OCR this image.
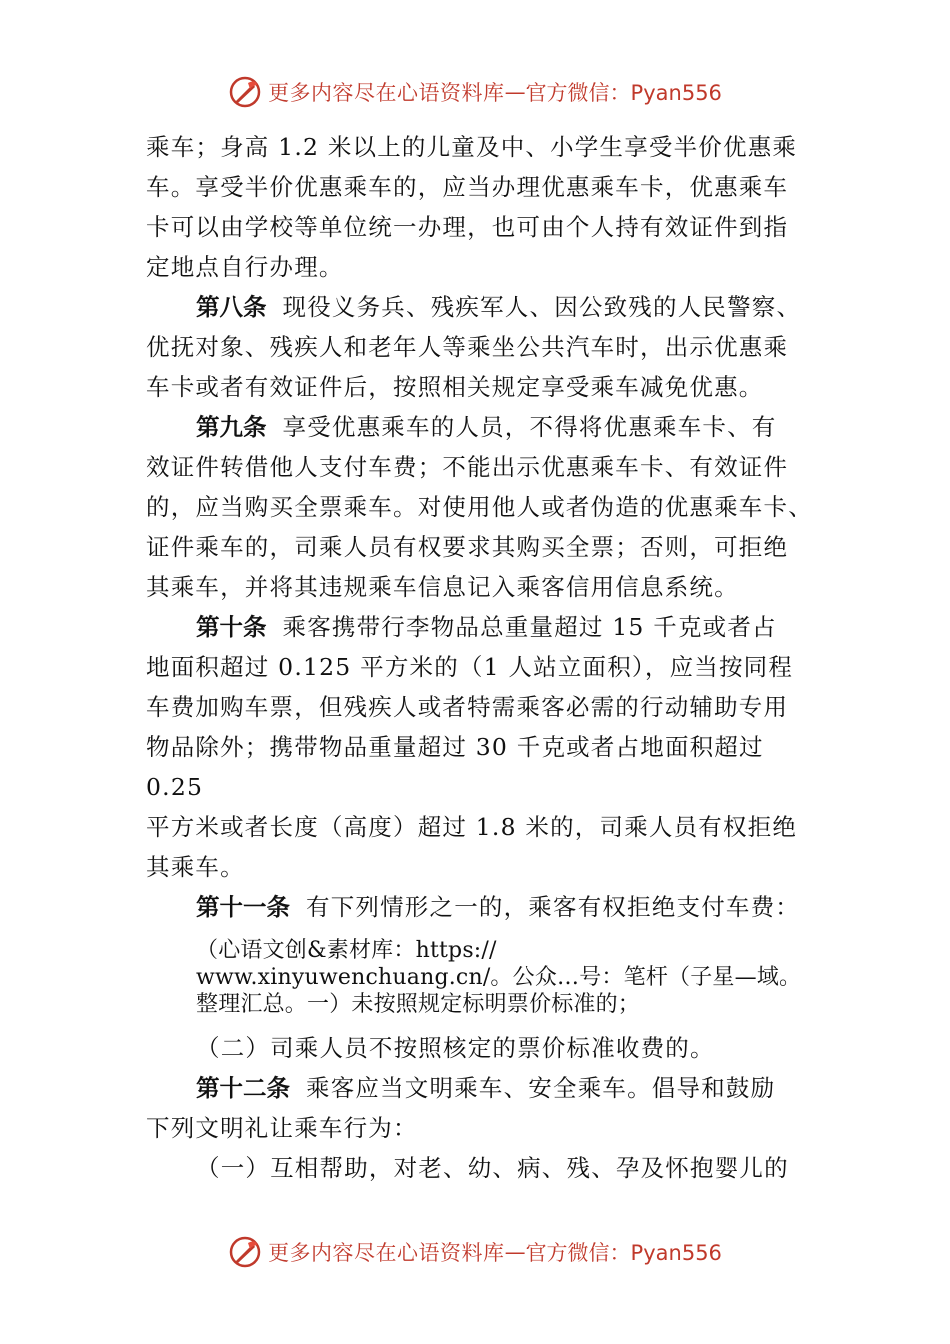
更多内容尽在心语资料库 — 官方微信：Pyan556
乘车；身高 1.2 米以上的儿童及中、小学生享受半价优惠乘
车。享受半价优惠乘车的，应当办理优惠乘车卡，优惠乘车
卡可以由学校等单位统一办理，也可由个人持有效证件到指
定地点自行办理。
第八条 现役义务兵、残疾军人、因公致残的人民警察、
优抚对象、残疾人和老年人等乘坐公共汽车时，出示优惠乘
车卡或者有效证件后，按照相关规定享受乘车减免优惠。
第九条 享受优惠乘车的人员，不得将优惠乘车卡、有
效证件转借他人支付车费；不能出示优惠乘车卡、有效证件
的，应当购买全票乘车。对使用他人或者伪造的优惠乘车卡、
证件乘车的，司乘人员有权要求其购买全票；否则，可拒绝
其乘车，并将其违规乘车信息记入乘客信用信息系统。
第十条 乘客携带行李物品总重量超过 15 千克或者占
地面积超过 0.125 平方米的（1 人站立面积），应当按同程
车费加购车票，但残疾人或者特需乘客必需的行动辅助专用
物品除外；携带物品重量超过 30 千克或者占地面积超过
0.25
平方米或者长度（高度）超过 1.8 米的，司乘人员有权拒绝
其乘车。
第十一条 有下列情形之一的，乘客有权拒绝支付车费：
（心语文创&素材库：https://
www.xinyuwenchuang.cn/。公众…号：笔杆（子星—域。
整理汇总。一）未按照规定标明票价标准的；
（二）司乘人员不按照核定的票价标准收费的。
第十二条 乘客应当文明乘车、安全乘车。倡导和鼓励
下列文明礼让乘车行为：
（一）互相帮助，对老、幼、病、残、孕及怀抱婴儿的
更多内容尽在心语资料库 — 官方微信：Pyan556
